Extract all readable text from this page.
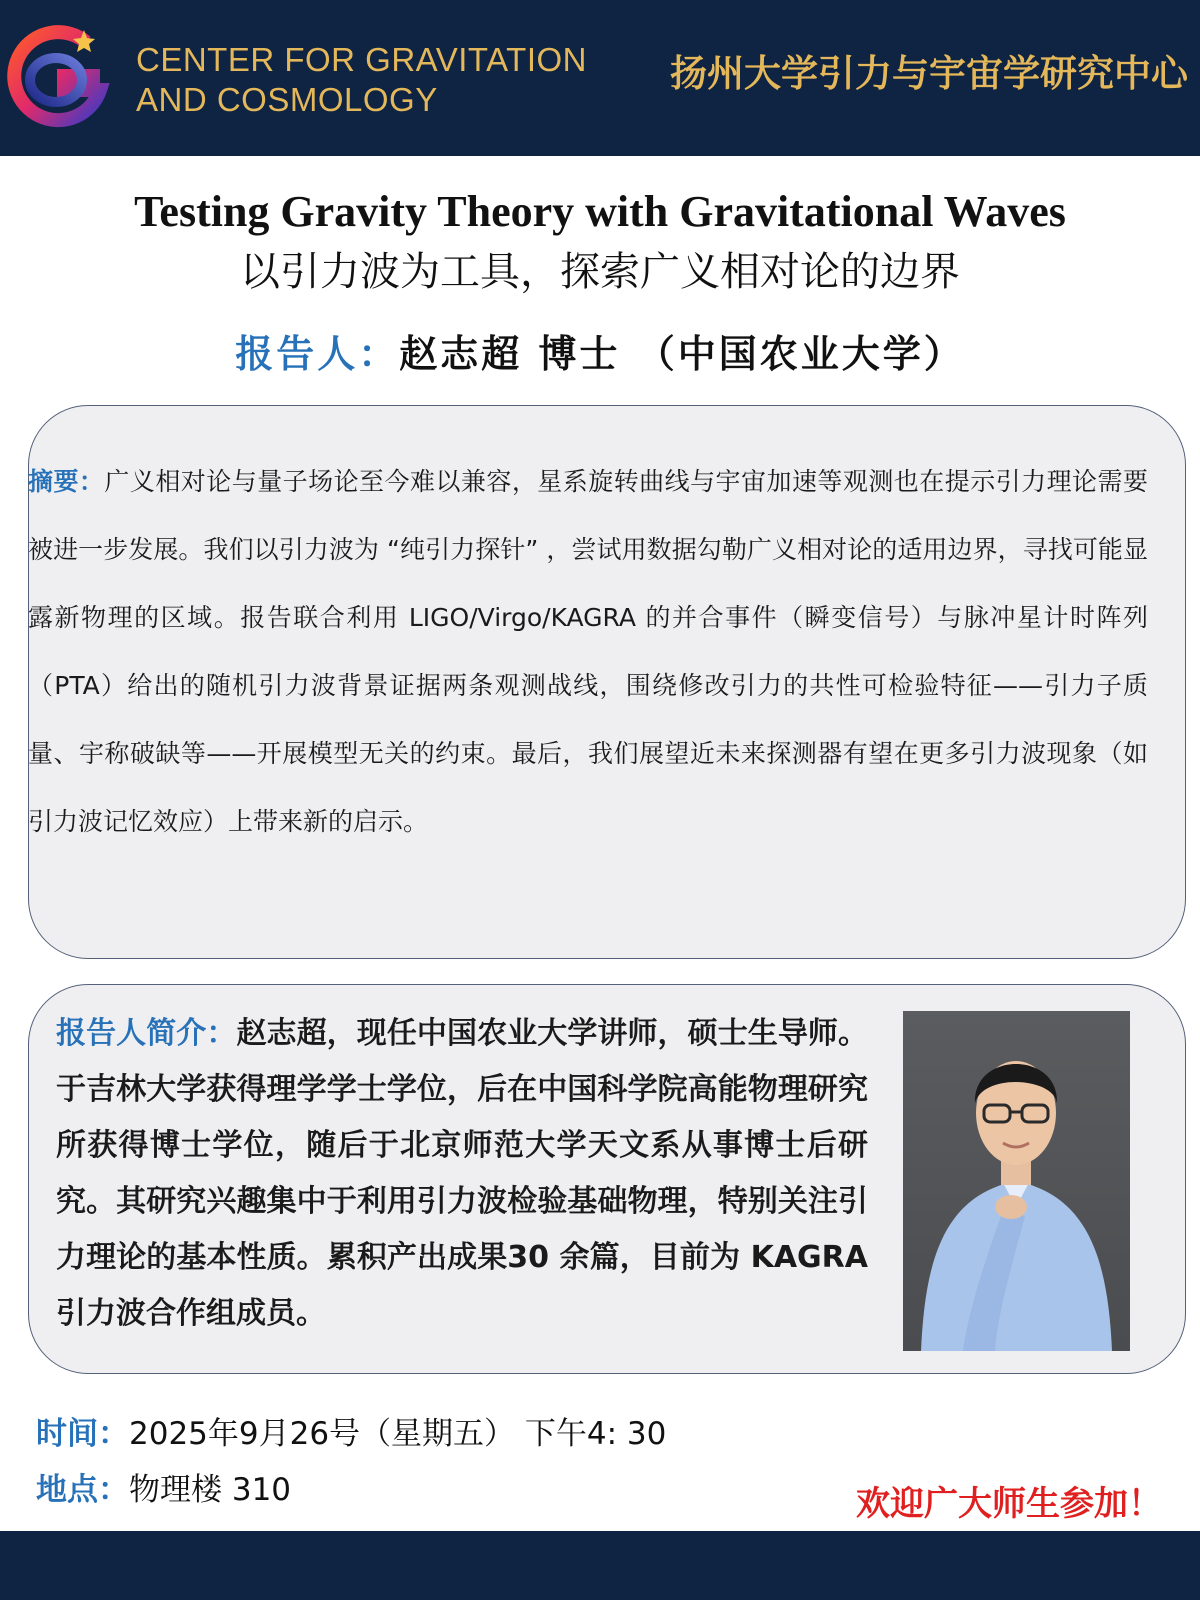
CENTER FOR GRAVITATION
AND COSMOLOGY
扬州大学引力与宇宙学研究中心
Testing Gravity Theory with Gravitational Waves
以引力波为工具，探索广义相对论的边界
报告人：赵志超 博士 （中国农业大学）
摘要：广义相对论与量子场论至今难以兼容，星系旋转曲线与宇宙加速等观测也在提示引力理论需要被进一步发展。我们以引力波为 “纯引力探针” ，尝试用数据勾勒广义相对论的适用边界，寻找可能显露新物理的区域。报告联合利用 LIGO/Virgo/KAGRA 的并合事件（瞬变信号）与脉冲星计时阵列（PTA）给出的随机引力波背景证据两条观测战线，围绕修改引力的共性可检验特征——引力子质量、宇称破缺等——开展模型无关的约束。最后，我们展望近未来探测器有望在更多引力波现象（如引力波记忆效应）上带来新的启示。
报告人简介：赵志超，现任中国农业大学讲师，硕士生导师。于吉林大学获得理学学士学位，后在中国科学院高能物理研究所获得博士学位，随后于北京师范大学天文系从事博士后研究。其研究兴趣集中于利用引力波检验基础物理，特别关注引力理论的基本性质。累积产出成果30 余篇，目前为 KAGRA 引力波合作组成员。
时间：2025年9月26号（星期五） 下午4: 30
地点：物理楼 310	欢迎广大师生参加！
